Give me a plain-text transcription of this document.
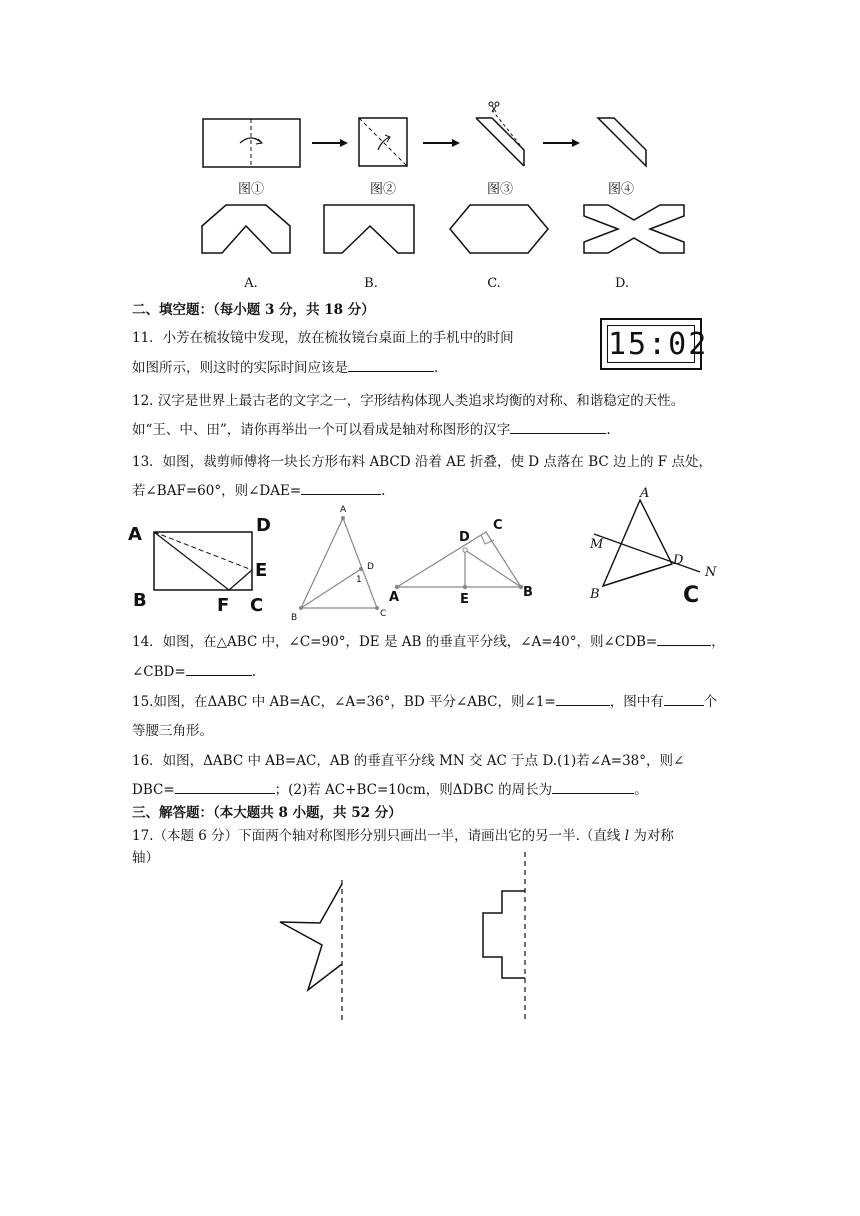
图①	图②	图③	图④
A.	B.	C.	D.
二、填空题：（每小题 3 分，共 18 分）
11．小芳在梳妆镜中发现，放在梳妆镜台桌面上的手机中的时间
如图所示，则这时的实际时间应该是	．
15:02
12. 汉字是世界上最古老的文字之一，字形结构体现人类追求均衡的对称、和谐稳定的天性。
如“王、中、田”，请你再举出一个可以看成是轴对称图形的汉字	.
13．如图，裁剪师傅将一块长方形布料 ABCD 沿着 AE 折叠，使 D 点落在 BC 边上的 F 点处，
若∠BAF=60°，则∠DAE=	.
A	D
E
B	F C
A
D
1
B	C
A
D
C
E	B
A
M
D
N
B	C
14．如图，在△ABC 中，∠C=90°，DE 是 AB 的垂直平分线，∠A=40°，则∠CDB=	，
∠CBD=	.
15.如图，在ΔABC 中 AB=AC，∠A=36°，BD 平分∠ABC，则∠1=	，图中有	个
等腰三角形。
16．如图，ΔABC 中 AB=AC，AB 的垂直平分线 MN 交 AC 于点 D.(1)若∠A=38°，则∠
DBC=	；(2)若 AC+BC=10cm，则ΔDBC 的周长为	。
三、解答题：（本大题共 8 小题，共 52 分）
17.（本题 6 分）下面两个轴对称图形分别只画出一半，请画出它的另一半.（直线 l 为对称
轴）
